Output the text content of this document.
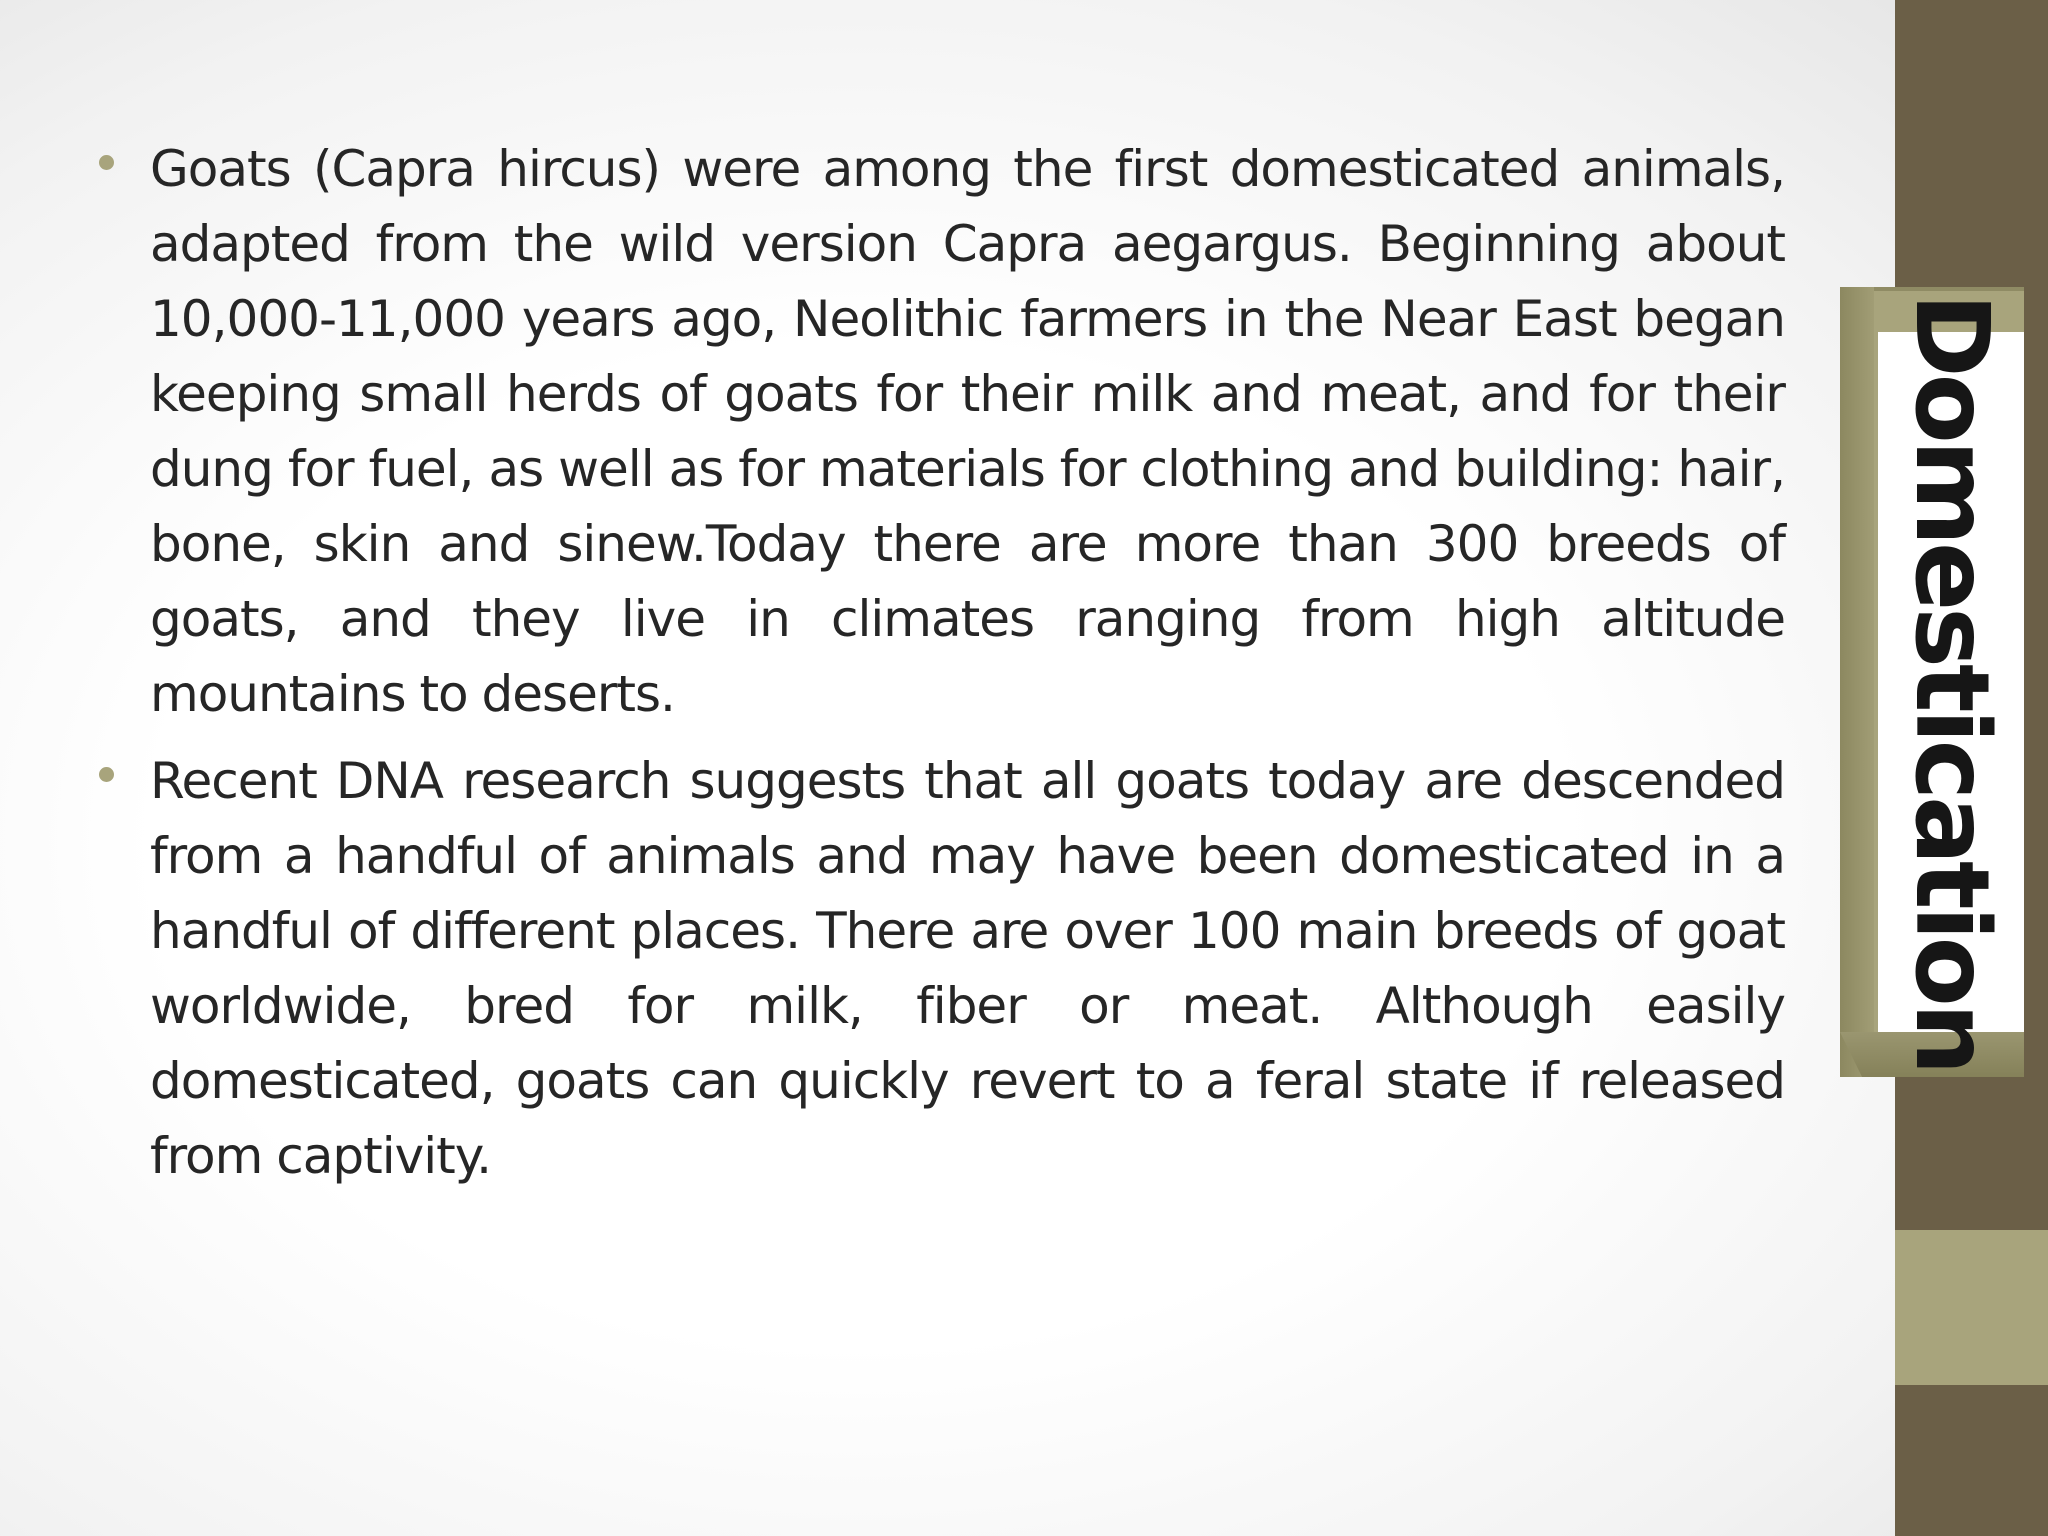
Domestication
Goats (Capra hircus) were among the first domesticated animals, adapted from the wild version Capra aegargus. Beginning about 10,000-11,000 years ago, Neolithic farmers in the Near East began keeping small herds of goats for their milk and meat, and for their dung for fuel, as well as for materials for clothing and building: hair, bone, skin and sinew.Today there are more than 300 breeds of goats, and they live in climates ranging from high altitude mountains to deserts.
Recent DNA research suggests that all goats today are descended from a handful of animals and may have been domesticated in a handful of different places. There are over 100 main breeds of goat worldwide, bred for milk, fiber or meat. Although easily domesticated, goats can quickly revert to a feral state if released from captivity.
